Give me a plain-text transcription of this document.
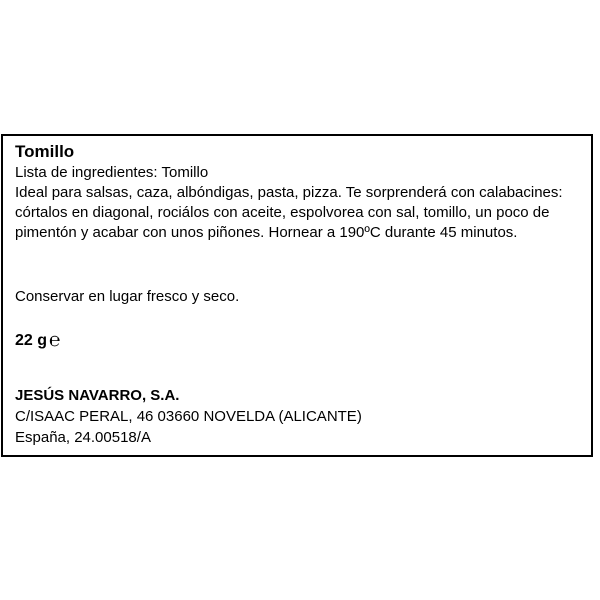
Tomillo
Lista de ingredientes: Tomillo
Ideal para salsas, caza, albóndigas, pasta, pizza. Te sorprenderá con calabacines:
córtalos en diagonal, rociálos con aceite, espolvorea con sal, tomillo, un poco de
pimentón y acabar con unos piñones. Hornear a 190ºC durante 45 minutos.
Conservar en lugar fresco y seco.
22 g ℮
JESÚS NAVARRO, S.A.
C/ISAAC PERAL, 46 03660 NOVELDA (ALICANTE)
España, 24.00518/A
